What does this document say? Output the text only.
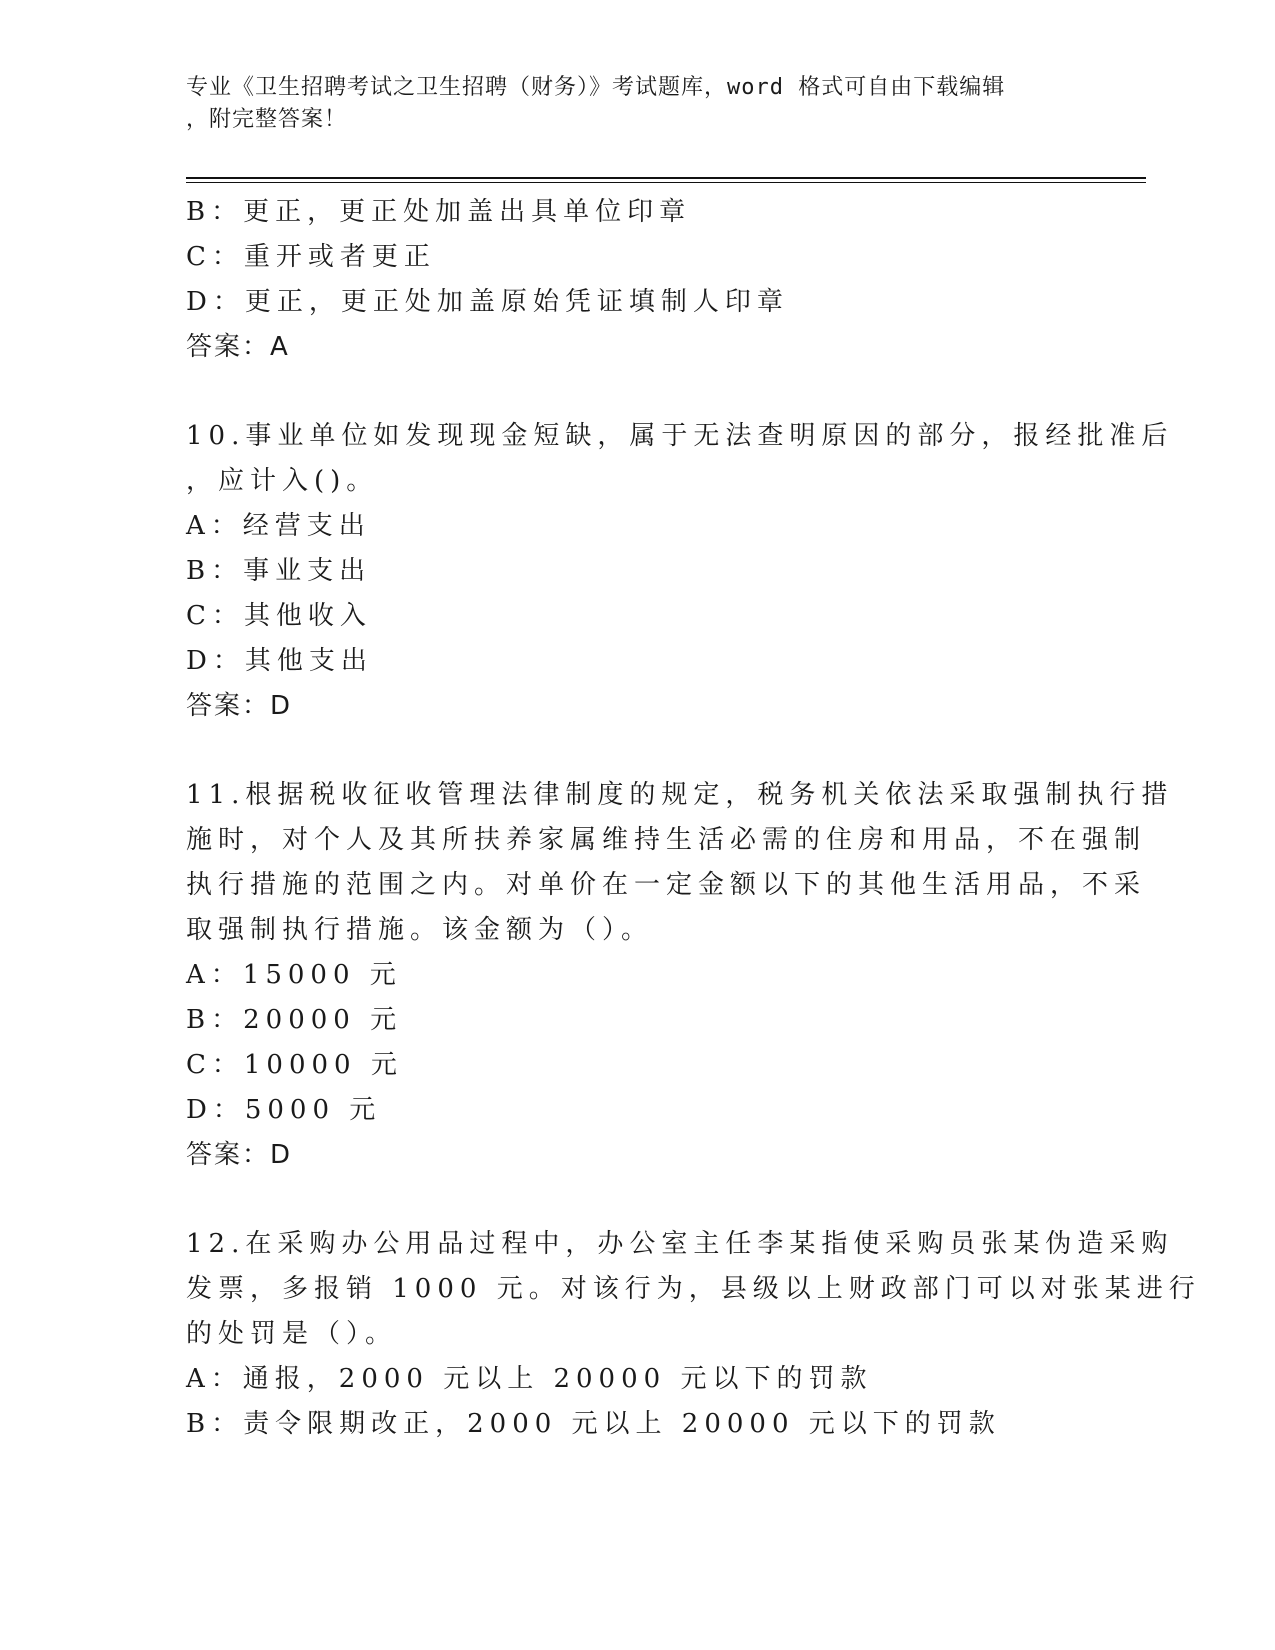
专业《卫生招聘考试之卫生招聘（财务）》考试题库，word 格式可自由下载编辑
，附完整答案！
B：更正，更正处加盖出具单位印章
C：重开或者更正
D：更正，更正处加盖原始凭证填制人印章
答案：A
10.事业单位如发现现金短缺，属于无法查明原因的部分，报经批准后
，应计入()。
A：经营支出
B：事业支出
C：其他收入
D：其他支出
答案：D
11.根据税收征收管理法律制度的规定，税务机关依法采取强制执行措
施时，对个人及其所扶养家属维持生活必需的住房和用品，不在强制
执行措施的范围之内。对单价在一定金额以下的其他生活用品，不采
取强制执行措施。该金额为（）。
A：15000 元
B：20000 元
C：10000 元
D：5000 元
答案：D
12.在采购办公用品过程中，办公室主任李某指使采购员张某伪造采购
发票，多报销 1000 元。对该行为，县级以上财政部门可以对张某进行
的处罚是（）。
A：通报，2000 元以上 20000 元以下的罚款
B：责令限期改正，2000 元以上 20000 元以下的罚款
